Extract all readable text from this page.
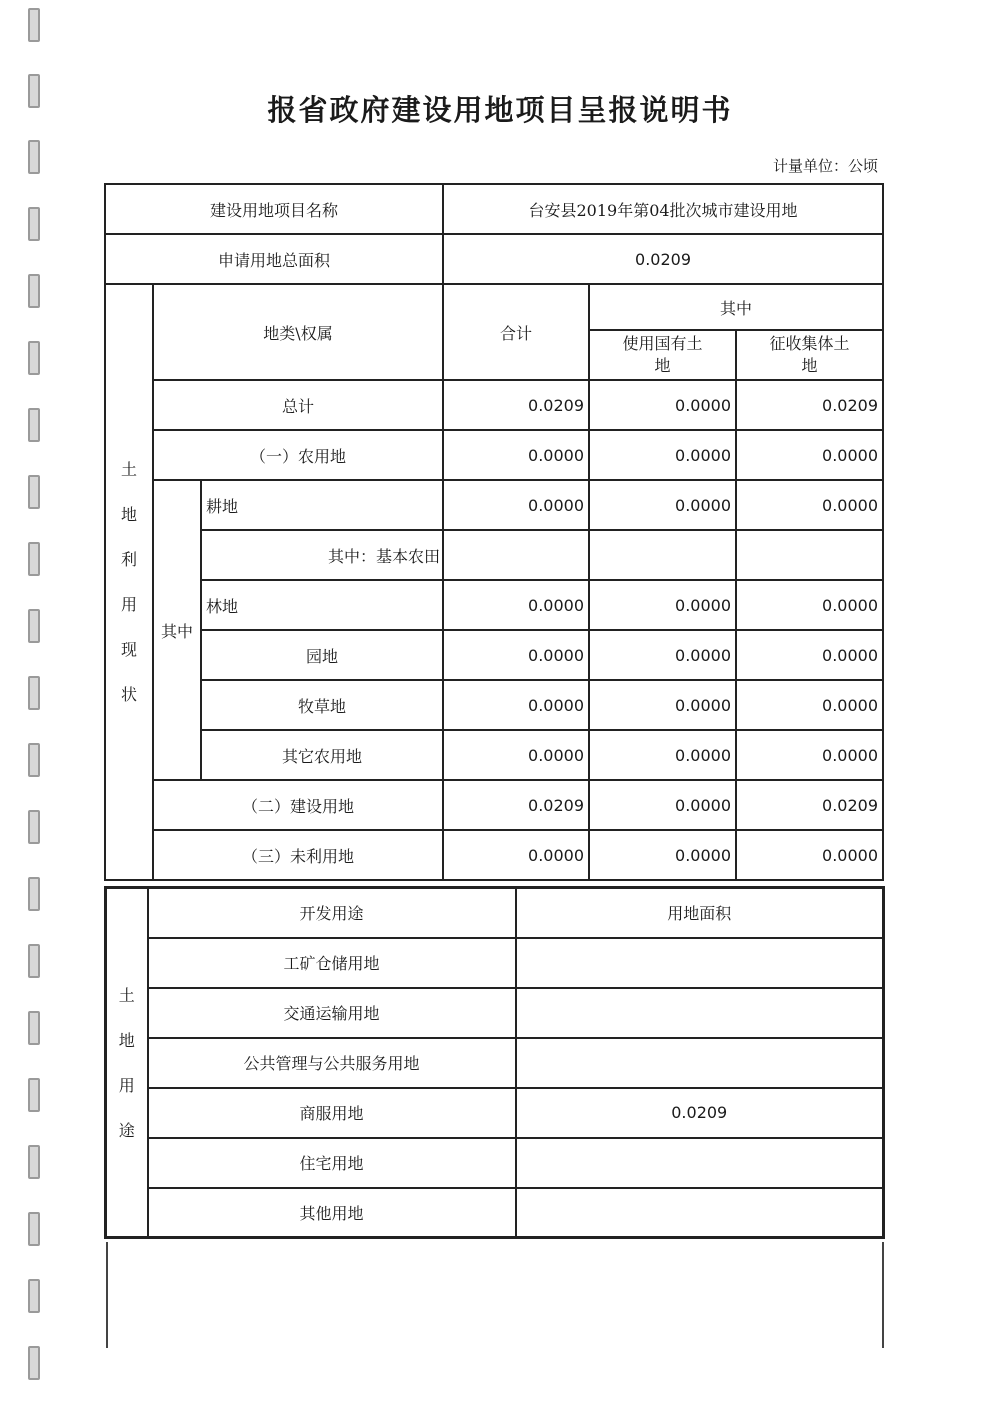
报省政府建设用地项目呈报说明书
计量单位：公顷
建设用地项目名称			台安县2019年第04批次城市建设用地		
申请用地总面积			0.0209		
土地利用现状	地类\权属		合计	其中	
				使用国有土地	征收集体土地
	总计		0.0209	0.0000	0.0209
	（一）农用地		0.0000	0.0000	0.0000
	其中	耕地	0.0000	0.0000	0.0000
		其中：基本农田			
		林地	0.0000	0.0000	0.0000
		园地	0.0000	0.0000	0.0000
		牧草地	0.0000	0.0000	0.0000
		其它农用地	0.0000	0.0000	0.0000
	（二）建设用地		0.0209	0.0000	0.0209
	（三）未利用地		0.0000	0.0000	0.0000
土地用途	开发用途	用地面积
	工矿仓储用地	
	交通运输用地	
	公共管理与公共服务用地	
	商服用地	0.0209
	住宅用地	
	其他用地	
